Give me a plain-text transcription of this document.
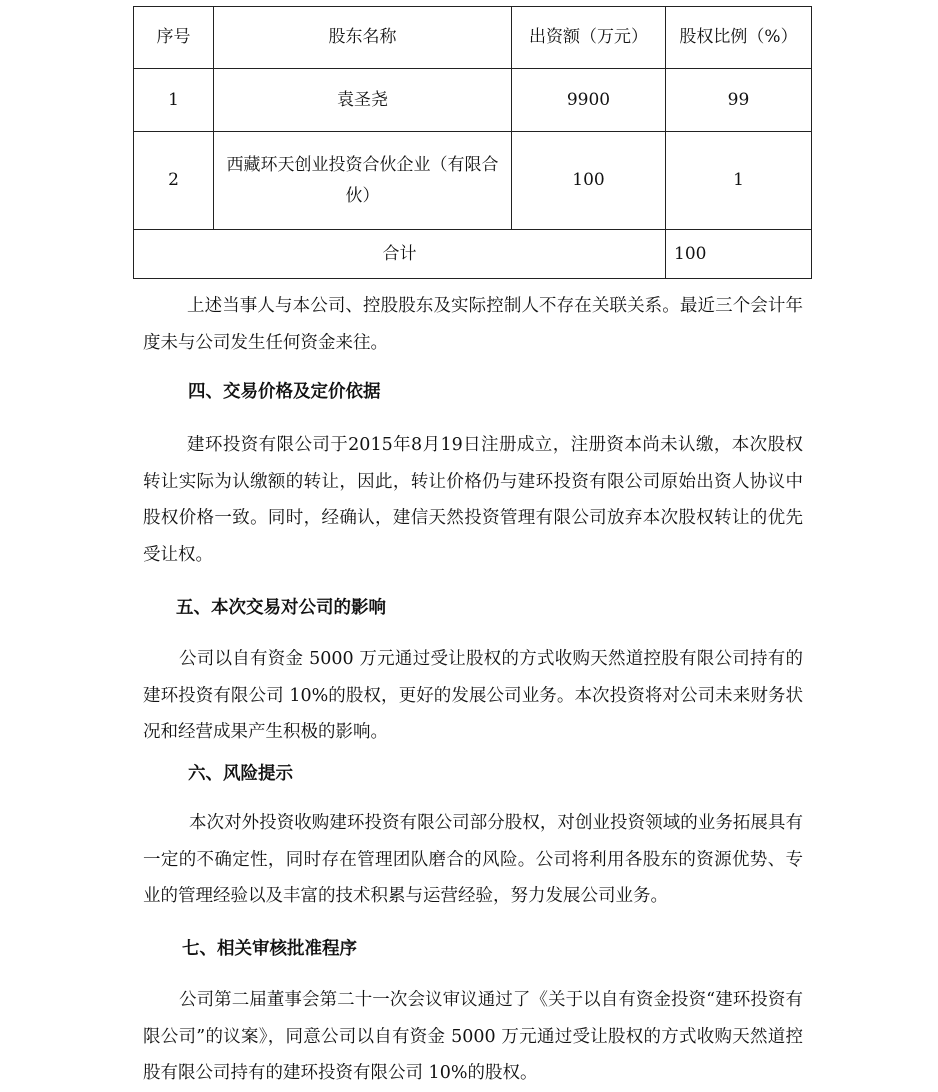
序号	股东名称	出资额（万元）	股权比例（%）
1	袁圣尧	9900	99
2	西藏环天创业投资合伙企业（有限合伙）	100	1
合计			100

上述当事人与本公司、控股股东及实际控制人不存在关联关系。最近三个会计年度未与公司发生任何资金来往。

四、交易价格及定价依据

建环投资有限公司于2015年8月19日注册成立，注册资本尚未认缴，本次股权转让实际为认缴额的转让，因此，转让价格仍与建环投资有限公司原始出资人协议中股权价格一致。同时，经确认，建信天然投资管理有限公司放弃本次股权转让的优先受让权。

五、本次交易对公司的影响

公司以自有资金 5000 万元通过受让股权的方式收购天然道控股有限公司持有的建环投资有限公司 10%的股权，更好的发展公司业务。本次投资将对公司未来财务状况和经营成果产生积极的影响。

六、风险提示

本次对外投资收购建环投资有限公司部分股权，对创业投资领域的业务拓展具有一定的不确定性，同时存在管理团队磨合的风险。公司将利用各股东的资源优势、专业的管理经验以及丰富的技术积累与运营经验，努力发展公司业务。

七、相关审核批准程序

公司第二届董事会第二十一次会议审议通过了《关于以自有资金投资“建环投资有限公司”的议案》，同意公司以自有资金 5000 万元通过受让股权的方式收购天然道控股有限公司持有的建环投资有限公司 10%的股权。
